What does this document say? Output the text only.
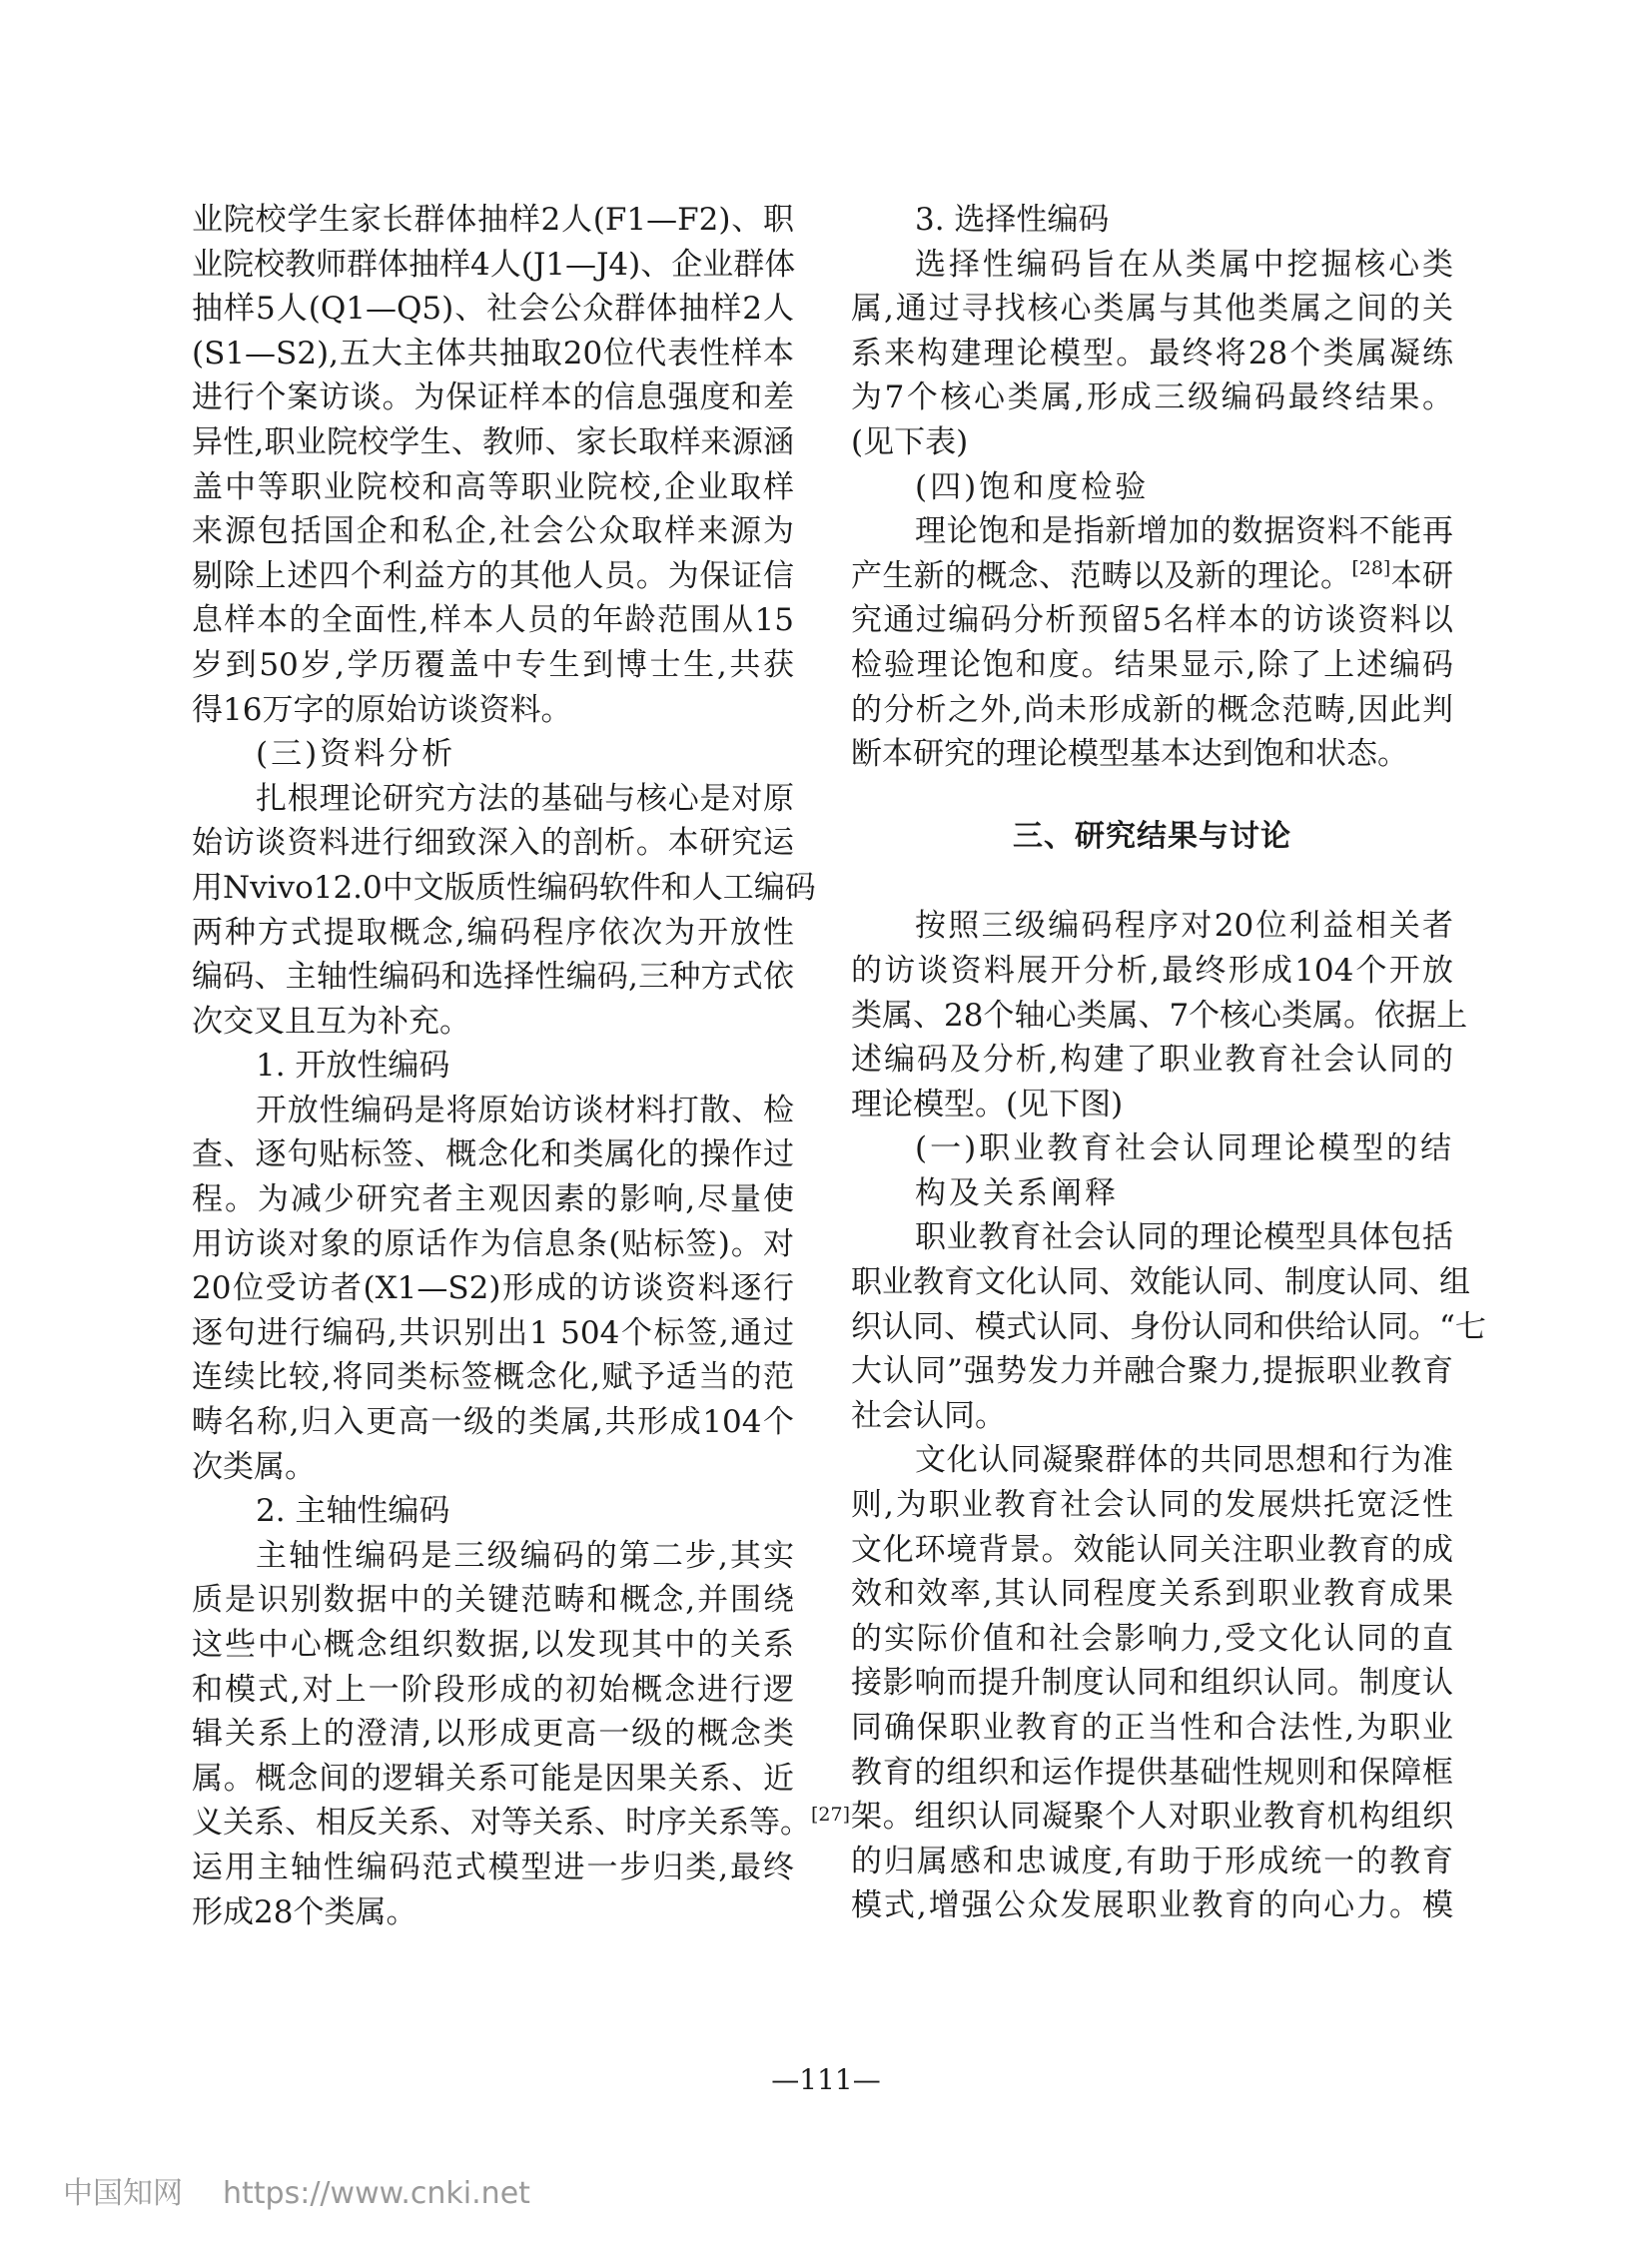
业院校学生家长群体抽样2人(F1—F2)、职
业院校教师群体抽样4人(J1—J4)、企业群体
抽样5人(Q1—Q5)、社会公众群体抽样2人
(S1—S2),五大主体共抽取20位代表性样本
进行个案访谈。为保证样本的信息强度和差
异性,职业院校学生、教师、家长取样来源涵
盖中等职业院校和高等职业院校,企业取样
来源包括国企和私企,社会公众取样来源为
剔除上述四个利益方的其他人员。为保证信
息样本的全面性,样本人员的年龄范围从15
岁到50岁,学历覆盖中专生到博士生,共获
得16万字的原始访谈资料。
(三)资料分析
扎根理论研究方法的基础与核心是对原
始访谈资料进行细致深入的剖析。本研究运
用Nvivo12.0中文版质性编码软件和人工编码
两种方式提取概念,编码程序依次为开放性
编码、主轴性编码和选择性编码,三种方式依
次交叉且互为补充。
1. 开放性编码
开放性编码是将原始访谈材料打散、检
查、逐句贴标签、概念化和类属化的操作过
程。为减少研究者主观因素的影响,尽量使
用访谈对象的原话作为信息条(贴标签)。对
20位受访者(X1—S2)形成的访谈资料逐行
逐句进行编码,共识别出1 504个标签,通过
连续比较,将同类标签概念化,赋予适当的范
畴名称,归入更高一级的类属,共形成104个
次类属。
2. 主轴性编码
主轴性编码是三级编码的第二步,其实
质是识别数据中的关键范畴和概念,并围绕
这些中心概念组织数据,以发现其中的关系
和模式,对上一阶段形成的初始概念进行逻
辑关系上的澄清,以形成更高一级的概念类
属。概念间的逻辑关系可能是因果关系、近
义关系、相反关系、对等关系、时序关系等。[27]
运用主轴性编码范式模型进一步归类,最终
形成28个类属。
3. 选择性编码
选择性编码旨在从类属中挖掘核心类
属,通过寻找核心类属与其他类属之间的关
系来构建理论模型。最终将28个类属凝练
为7个核心类属,形成三级编码最终结果。
(见下表)
(四)饱和度检验
理论饱和是指新增加的数据资料不能再
产生新的概念、范畴以及新的理论。[28]本研
究通过编码分析预留5名样本的访谈资料以
检验理论饱和度。结果显示,除了上述编码
的分析之外,尚未形成新的概念范畴,因此判
断本研究的理论模型基本达到饱和状态。
三、研究结果与讨论
按照三级编码程序对20位利益相关者
的访谈资料展开分析,最终形成104个开放
类属、28个轴心类属、7个核心类属。依据上
述编码及分析,构建了职业教育社会认同的
理论模型。(见下图)
(一)职业教育社会认同理论模型的结
构及关系阐释
职业教育社会认同的理论模型具体包括
职业教育文化认同、效能认同、制度认同、组
织认同、模式认同、身份认同和供给认同。“七
大认同”强势发力并融合聚力,提振职业教育
社会认同。
文化认同凝聚群体的共同思想和行为准
则,为职业教育社会认同的发展烘托宽泛性
文化环境背景。效能认同关注职业教育的成
效和效率,其认同程度关系到职业教育成果
的实际价值和社会影响力,受文化认同的直
接影响而提升制度认同和组织认同。制度认
同确保职业教育的正当性和合法性,为职业
教育的组织和运作提供基础性规则和保障框
架。组织认同凝聚个人对职业教育机构组织
的归属感和忠诚度,有助于形成统一的教育
模式,增强公众发展职业教育的向心力。模
—111—
中国知网 https://www.cnki.net
